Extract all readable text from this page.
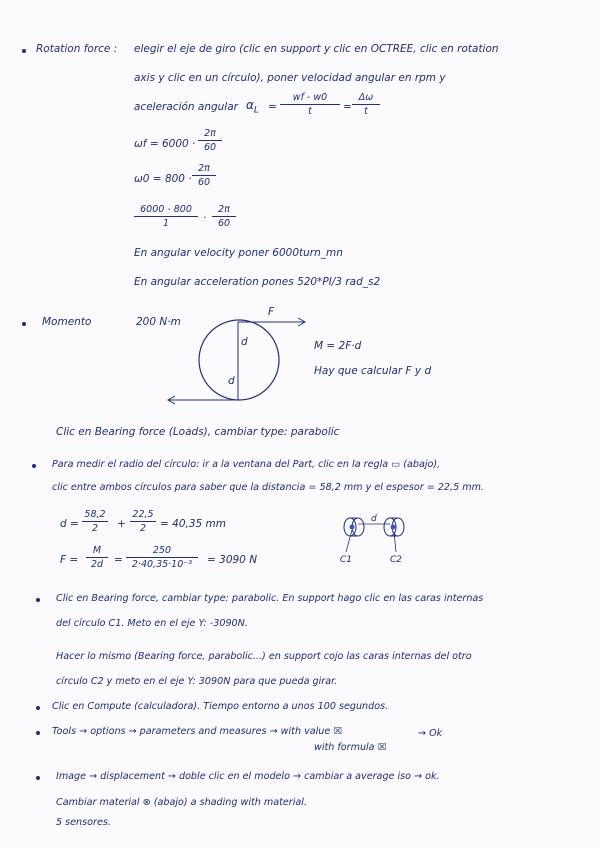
Rotation force : elegir el eje de giro (clic en support y clic en OCTREE, clic en rotation
axis y clic en un círculo), poner velocidad angular en rpm y
aceleración angular $\alpha_L$ =
wf - w0
t	=
Δω
t
ωf = 6000 ·
2π
60
ω0 = 800 ·
2π
60
6000 - 800
1	·
2π
60
En angular velocity poner 6000turn_mn
En angular acceleration pones 520*PI/3 rad_s2
Momento	200 N·m
F
d
d
M = 2F·d
Hay que calcular F y d
Clic en Bearing force (Loads), cambiar type: parabolic
Para medir el radio del círculo: ir a la ventana del Part, clic en la regla ▭ (abajo),
clic entre ambos círculos para saber que la distancia = 58,2 mm y el espesor = 22,5 mm.
d =
58,2
2	+
22,5
2	= 40,35 mm
F =
M
2d	=
250
2·40,35·10⁻³	= 3090 N	C1	C2
d
Clic en Bearing force, cambiar type: parabolic. En support hago clic en las caras internas
del círculo C1. Meto en el eje Y: -3090N.
Hacer lo mismo (Bearing force, parabolic...) en support cojo las caras internas del otro
círculo C2 y meto en el eje Y: 3090N para que pueda girar.
Clic en Compute (calculadora). Tiempo entorno a unos 100 segundos.
Tools → options → parameters and measures → with value ☒	→ Ok
with formula ☒
Image → displacement → doble clic en el modelo → cambiar a average iso → ok.
Cambiar material ⊗ (abajo) a shading with material.
5 sensores.
